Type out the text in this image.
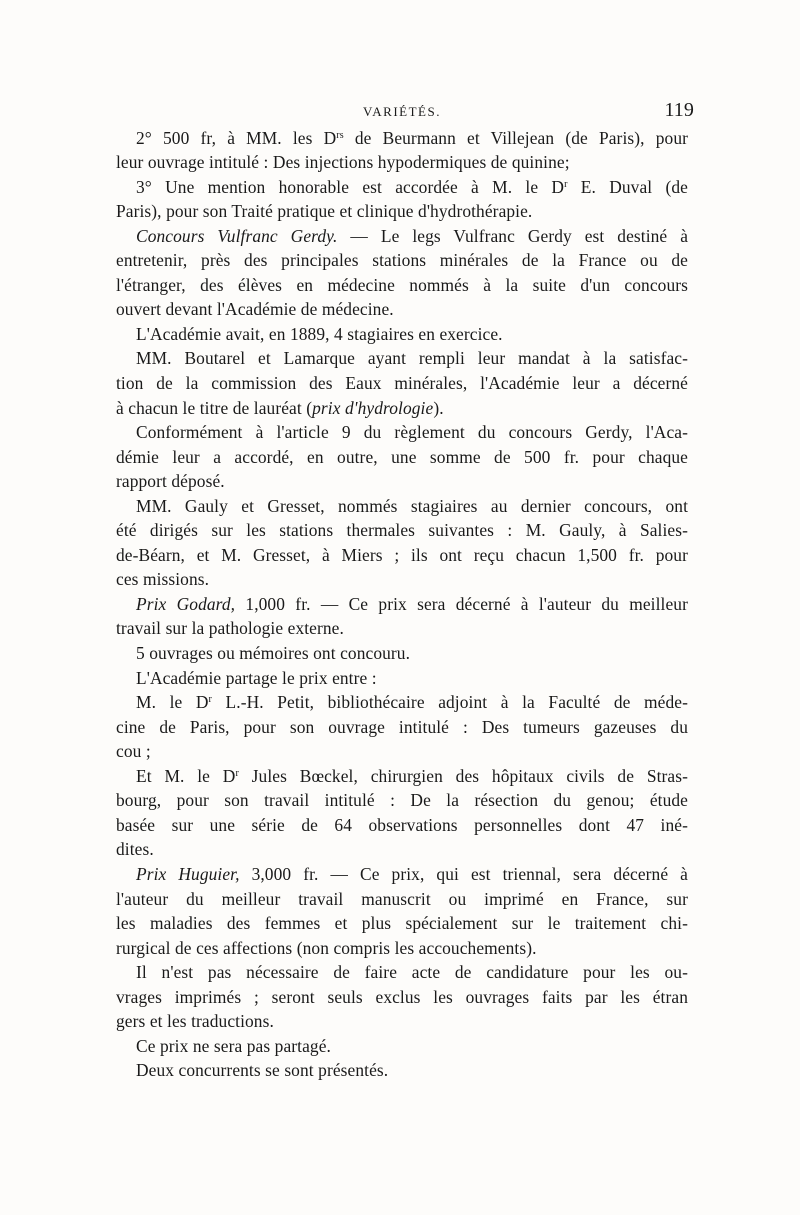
VARIÉTÉS.	119
2° 500 fr, à MM. les $D^{rs}$ de Beurmann et Villejean (de Paris), pour
leur ouvrage intitulé : Des injections hypodermiques de quinine;
3° Une mention honorable est accordée à M. le $D^r$ E. Duval (de
Paris), pour son Traité pratique et clinique d'hydrothérapie.
Concours Vulfranc Gerdy. — Le legs Vulfranc Gerdy est destiné à
entretenir, près des principales stations minérales de la France ou de
l'étranger, des élèves en médecine nommés à la suite d'un concours
ouvert devant l'Académie de médecine.
L'Académie avait, en 1889, 4 stagiaires en exercice.
MM. Boutarel et Lamarque ayant rempli leur mandat à la satisfac-
tion de la commission des Eaux minérales, l'Académie leur a décerné
à chacun le titre de lauréat (prix d'hydrologie).
Conformément à l'article 9 du règlement du concours Gerdy, l'Aca-
démie leur a accordé, en outre, une somme de 500 fr. pour chaque
rapport déposé.
MM. Gauly et Gresset, nommés stagiaires au dernier concours, ont
été dirigés sur les stations thermales suivantes : M. Gauly, à Salies-
de-Béarn, et M. Gresset, à Miers ; ils ont reçu chacun 1,500 fr. pour
ces missions.
Prix Godard, 1,000 fr. — Ce prix sera décerné à l'auteur du meilleur
travail sur la pathologie externe.
5 ouvrages ou mémoires ont concouru.
L'Académie partage le prix entre :
M. le $D^r$ L.-H. Petit, bibliothécaire adjoint à la Faculté de méde-
cine de Paris, pour son ouvrage intitulé : Des tumeurs gazeuses du
cou ;
Et M. le $D^r$ Jules Bœckel, chirurgien des hôpitaux civils de Stras-
bourg, pour son travail intitulé : De la résection du genou; étude
basée sur une série de 64 observations personnelles dont 47 iné-
dites.
Prix Huguier, 3,000 fr. — Ce prix, qui est triennal, sera décerné à
l'auteur du meilleur travail manuscrit ou imprimé en France, sur
les maladies des femmes et plus spécialement sur le traitement chi-
rurgical de ces affections (non compris les accouchements).
Il n'est pas nécessaire de faire acte de candidature pour les ou-
vrages imprimés ; seront seuls exclus les ouvrages faits par les étran
gers et les traductions.
Ce prix ne sera pas partagé.
Deux concurrents se sont présentés.
